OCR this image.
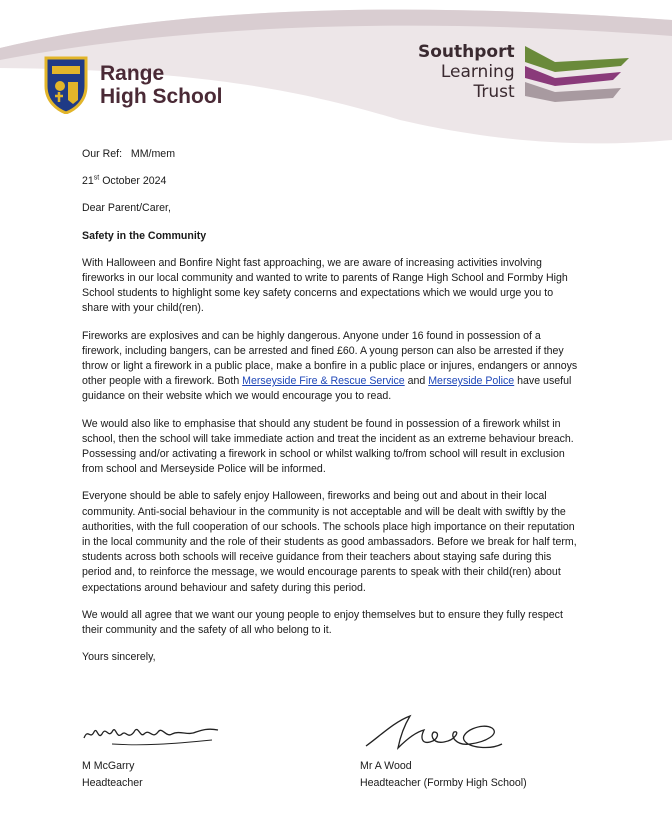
Range
High School
Southport
Learning
Trust

Our Ref: MM/mem

21st October 2024

Dear Parent/Carer,

Safety in the Community

With Halloween and Bonfire Night fast approaching, we are aware of increasing activities involving fireworks in our local community and wanted to write to parents of Range High School and Formby High School students to highlight some key safety concerns and expectations which we would urge you to share with your child(ren).

Fireworks are explosives and can be highly dangerous. Anyone under 16 found in possession of a firework, including bangers, can be arrested and fined £60. A young person can also be arrested if they throw or light a firework in a public place, make a bonfire in a public place or injures, endangers or annoys other people with a firework. Both Merseyside Fire & Rescue Service and Merseyside Police have useful guidance on their website which we would encourage you to read.

We would also like to emphasise that should any student be found in possession of a firework whilst in school, then the school will take immediate action and treat the incident as an extreme behaviour breach. Possessing and/or activating a firework in school or whilst walking to/from school will result in exclusion from school and Merseyside Police will be informed.

Everyone should be able to safely enjoy Halloween, fireworks and being out and about in their local community. Anti-social behaviour in the community is not acceptable and will be dealt with swiftly by the authorities, with the full cooperation of our schools. The schools place high importance on their reputation in the local community and the role of their students as good ambassadors. Before we break for half term, students across both schools will receive guidance from their teachers about staying safe during this period and, to reinforce the message, we would encourage parents to speak with their child(ren) about expectations around behaviour and safety during this period.

We would all agree that we want our young people to enjoy themselves but to ensure they fully respect their community and the safety of all who belong to it.

Yours sincerely,

M McGarry
Headteacher
Mr A Wood
Headteacher (Formby High School)
